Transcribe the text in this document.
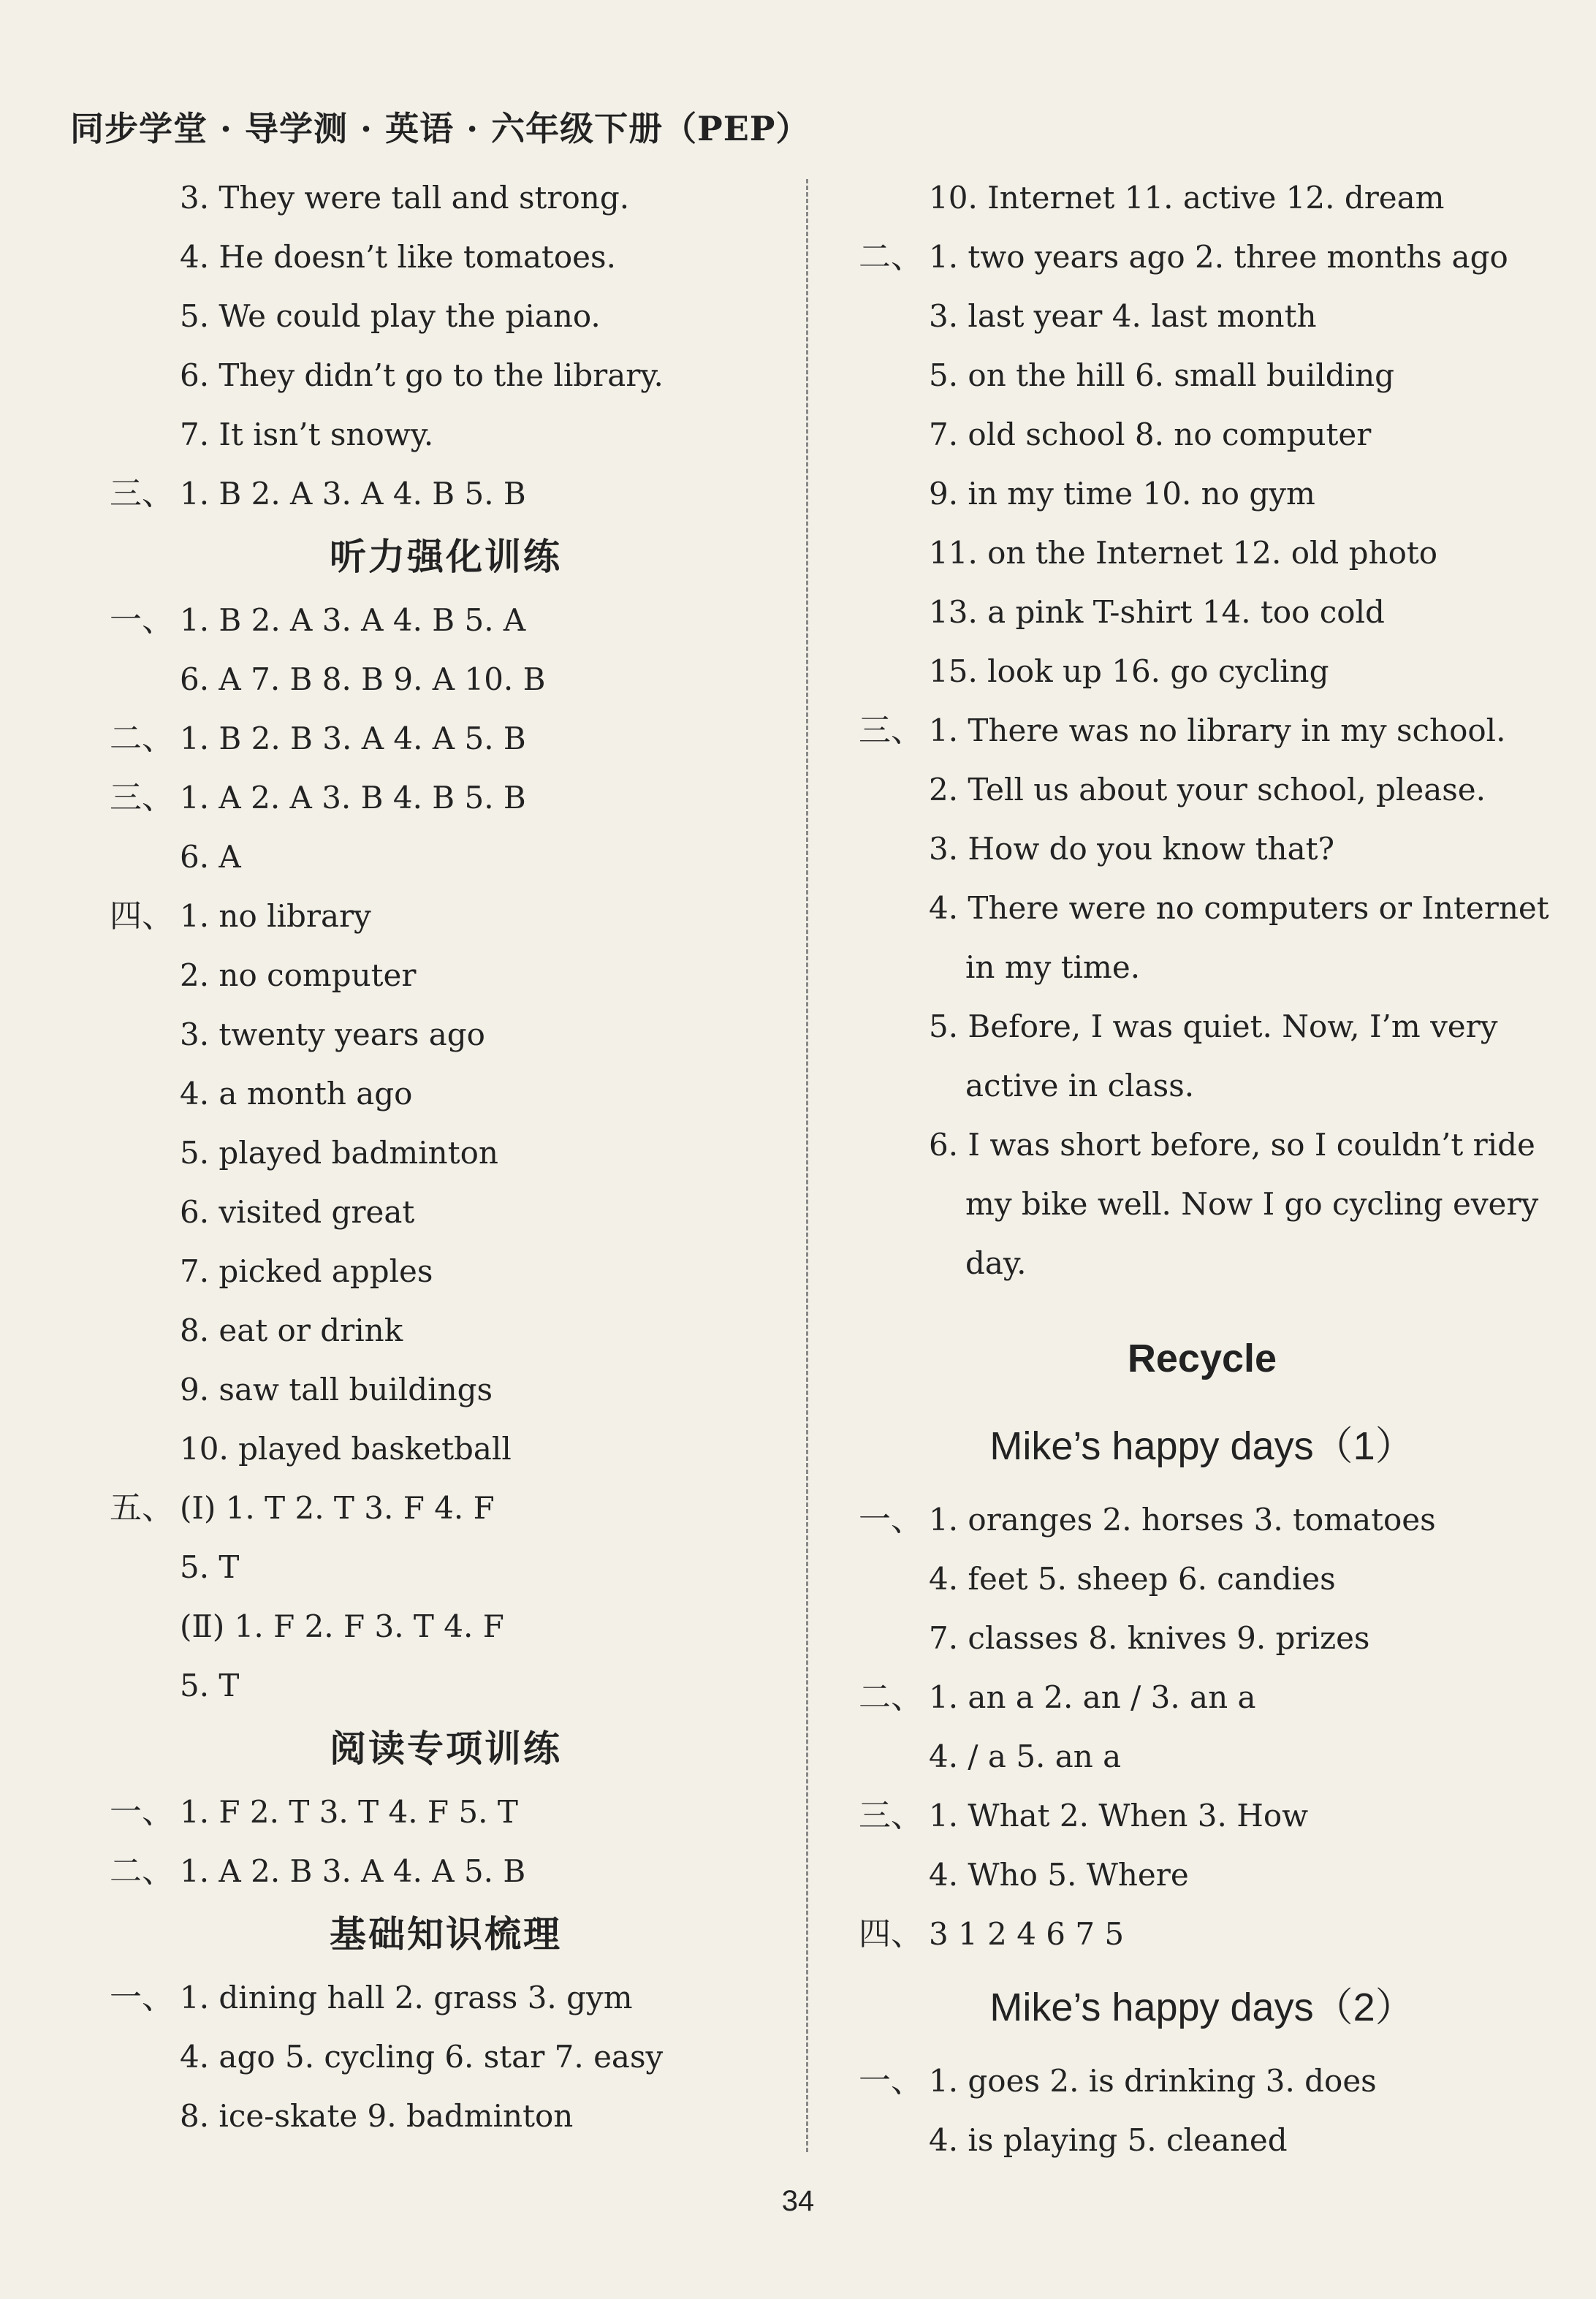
同步学堂 · 导学测 · 英语 · 六年级下册（PEP）
3. They were tall and strong.
4. He doesn’t like tomatoes.
5. We could play the piano.
6. They didn’t go to the library.
7. It isn’t snowy.
三、 1. B 2. A 3. A 4. B 5. B
听力强化训练
一、 1. B 2. A 3. A 4. B 5. A
6. A 7. B 8. B 9. A 10. B
二、 1. B 2. B 3. A 4. A 5. B
三、 1. A 2. A 3. B 4. B 5. B
6. A
四、 1. no library
2. no computer
3. twenty years ago
4. a month ago
5. played badminton
6. visited great
7. picked apples
8. eat or drink
9. saw tall buildings
10. played basketball
五、 (Ⅰ) 1. T 2. T 3. F 4. F
5. T
(Ⅱ) 1. F 2. F 3. T 4. F
5. T
阅读专项训练
一、 1. F 2. T 3. T 4. F 5. T
二、 1. A 2. B 3. A 4. A 5. B
基础知识梳理
一、 1. dining hall 2. grass 3. gym
4. ago 5. cycling 6. star 7. easy
8. ice-skate 9. badminton
10. Internet 11. active 12. dream
二、 1. two years ago 2. three months ago
3. last year 4. last month
5. on the hill 6. small building
7. old school 8. no computer
9. in my time 10. no gym
11. on the Internet 12. old photo
13. a pink T-shirt 14. too cold
15. look up 16. go cycling
三、 1. There was no library in my school.
2. Tell us about your school, please.
3. How do you know that?
4. There were no computers or Internet
in my time.
5. Before, I was quiet. Now, I’m very
active in class.
6. I was short before, so I couldn’t ride
my bike well. Now I go cycling every
day.
Recycle
Mike’s happy days（1）
一、 1. oranges 2. horses 3. tomatoes
4. feet 5. sheep 6. candies
7. classes 8. knives 9. prizes
二、 1. an a 2. an / 3. an a
4. / a 5. an a
三、 1. What 2. When 3. How
4. Who 5. Where
四、 3 1 2 4 6 7 5
Mike’s happy days（2）
一、 1. goes 2. is drinking 3. does
4. is playing 5. cleaned
34
